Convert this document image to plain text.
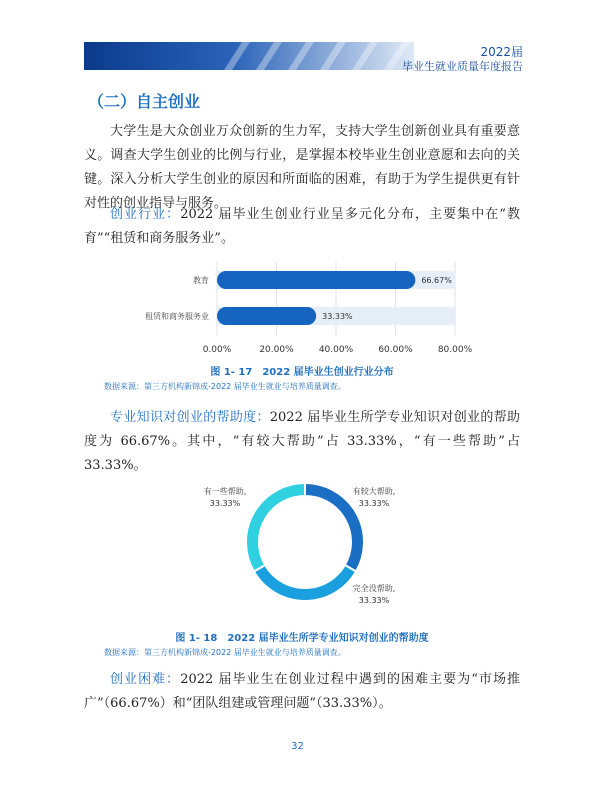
2022届
毕业生就业质量年度报告
（二）自主创业
大学生是大众创业万众创新的生力军，支持大学生创新创业具有重要意义。调查大学生创业的比例与行业，是掌握本校毕业生创业意愿和去向的关键。深入分析大学生创业的原因和所面临的困难，有助于为学生提供更有针对性的创业指导与服务。
创业行业：2022 届毕业生创业行业呈多元化分布，主要集中在“教育”“租赁和商务服务业”。
0.00%	20.00%	40.00%	60.00%	80.00%
教育	66.67%
租赁和商务服务业	33.33%
图 1- 17　2022 届毕业生创业行业分布
数据来源：第三方机构新锦成-2022 届毕业生就业与培养质量调查。
专业知识对创业的帮助度：2022 届毕业生所学专业知识对创业的帮助度为 66.67%。其中，“有较大帮助”占 33.33%，“有一些帮助”占 33.33%。
有较大帮助,
33.33%
完全没帮助,
33.33%
有一些帮助,
33.33%
图 1- 18　2022 届毕业生所学专业知识对创业的帮助度
数据来源：第三方机构新锦成-2022 届毕业生就业与培养质量调查。
创业困难：2022 届毕业生在创业过程中遇到的困难主要为“市场推广”（66.67%）和“团队组建或管理问题”（33.33%）。
32
